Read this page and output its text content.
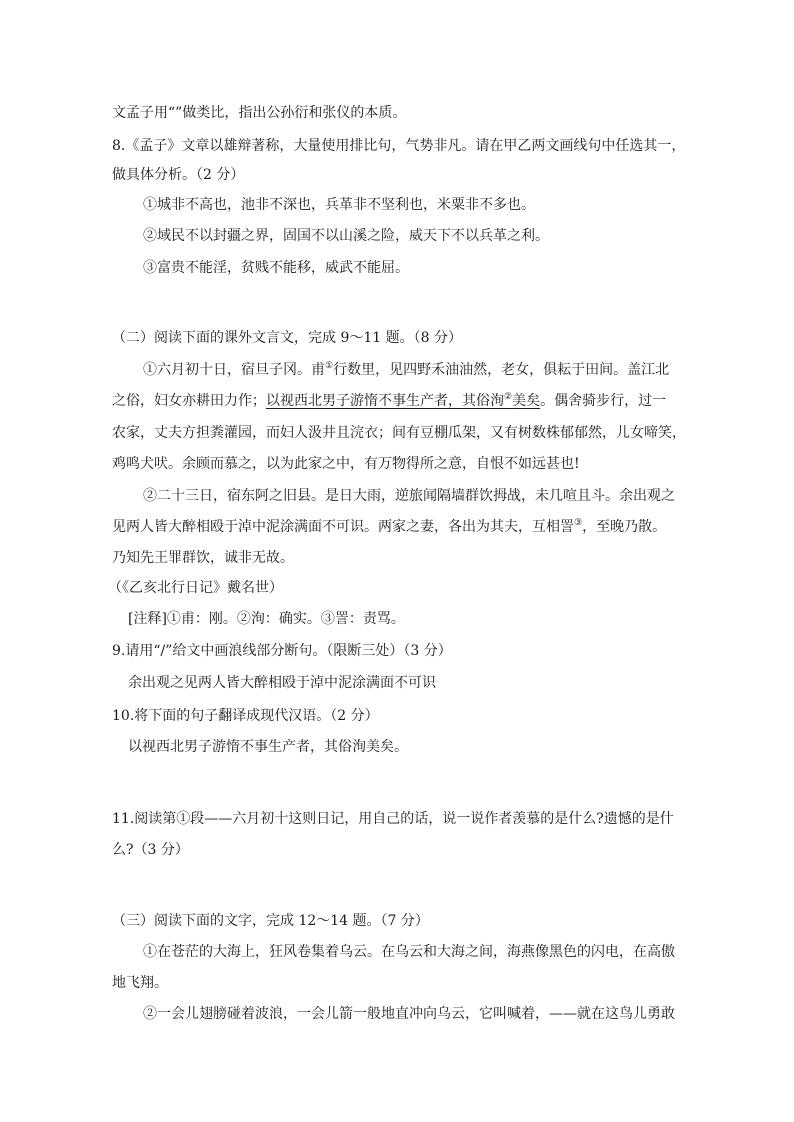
文孟子用“”做类比，指出公孙衍和张仪的本质。
8.《孟子》文章以雄辩著称，大量使用排比句，气势非凡。请在甲乙两文画线句中任选其一，
做具体分析。（2 分）
①城非不高也，池非不深也，兵革非不坚利也，米粟非不多也。
②域民不以封疆之界，固国不以山溪之险，威天下不以兵革之利。
③富贵不能淫，贫贱不能移，威武不能屈。
（二）阅读下面的课外文言文，完成 9～11 题。（8 分）
①六月初十日，宿旦子冈。甫①行数里，见四野禾油油然，老女，俱耘于田间。盖江北
之俗，妇女亦耕田力作；以视西北男子游惰不事生产者，其俗洵②美矣。偶舍骑步行，过一
农家，丈夫方担粪灌园，而妇人汲井且浣衣；间有豆棚瓜架，又有树数株郁郁然，儿女啼笑，
鸡鸣犬吠。余顾而慕之，以为此家之中，有万物得所之意，自恨不如远甚也!
②二十三日，宿东阿之旧县。是日大雨，逆旅闻隔墙群饮拇战，未几喧且斗。余出观之
见两人皆大醉相殴于淖中泥涂满面不可识。两家之妻，各出为其夫，互相詈③，至晚乃散。
乃知先王罪群饮，诚非无故。
（《乙亥北行日记》戴名世）
[注释]①甫：刚。②洵：确实。③詈：责骂。
9.请用“/”给文中画浪线部分断句。（限断三处）（3 分）
余出观之见两人皆大醉相殴于淖中泥涂满面不可识
10.将下面的句子翻译成现代汉语。（2 分）
以视西北男子游惰不事生产者，其俗洵美矣。
11.阅读第①段——六月初十这则日记，用自己的话，说一说作者羡慕的是什么?遗憾的是什
么?（3 分）
（三）阅读下面的文字，完成 12～14 题。（7 分）
①在苍茫的大海上，狂风卷集着乌云。在乌云和大海之间，海燕像黑色的闪电，在高傲
地飞翔。
②一会儿翅膀碰着波浪，一会儿箭一般地直冲向乌云，它叫喊着，——就在这鸟儿勇敢
